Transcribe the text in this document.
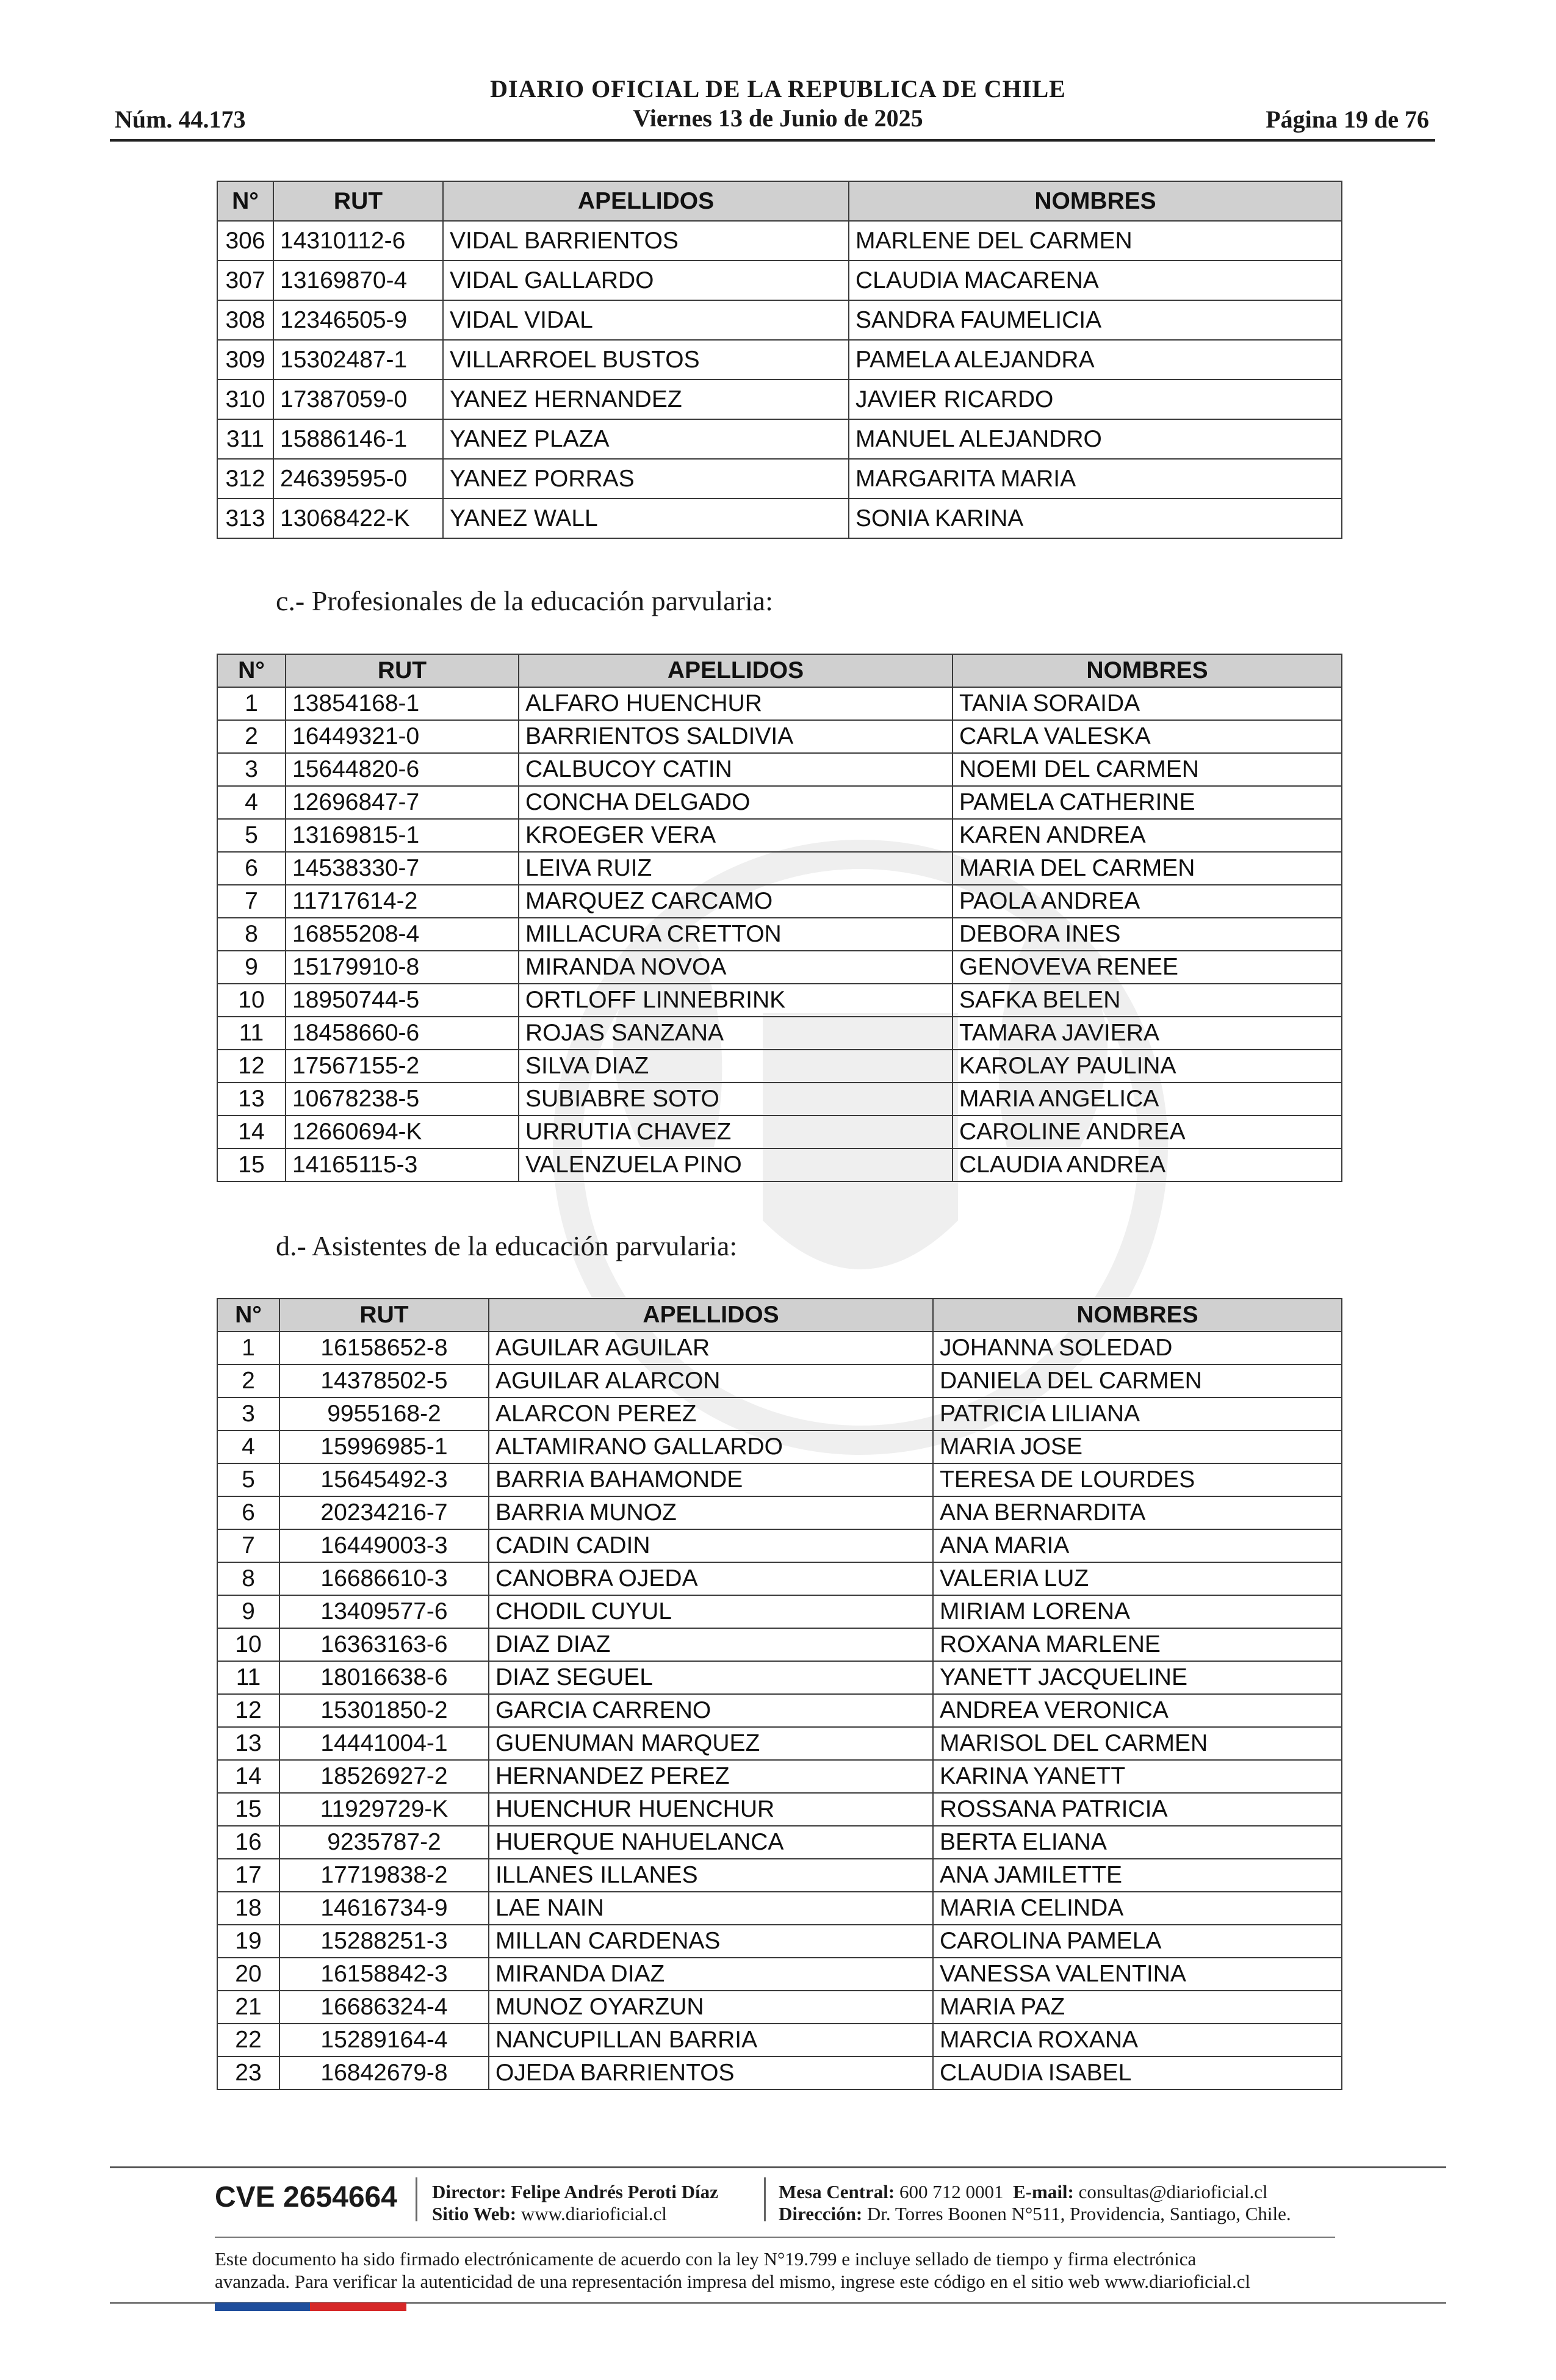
DIARIO OFICIAL DE LA REPUBLICA DE CHILE
Viernes 13 de Junio de 2025
Núm. 44.173	Página 19 de 76
N°	RUT	APELLIDOS	NOMBRES
306	14310112-6	VIDAL BARRIENTOS	MARLENE DEL CARMEN
307	13169870-4	VIDAL GALLARDO	CLAUDIA MACARENA
308	12346505-9	VIDAL VIDAL	SANDRA FAUMELICIA
309	15302487-1	VILLARROEL BUSTOS	PAMELA ALEJANDRA
310	17387059-0	YANEZ HERNANDEZ	JAVIER RICARDO
311	15886146-1	YANEZ PLAZA	MANUEL ALEJANDRO
312	24639595-0	YANEZ PORRAS	MARGARITA MARIA
313	13068422-K	YANEZ WALL	SONIA KARINA
c.- Profesionales de la educación parvularia:
N°	RUT	APELLIDOS	NOMBRES
1	13854168-1	ALFARO HUENCHUR	TANIA SORAIDA
2	16449321-0	BARRIENTOS SALDIVIA	CARLA VALESKA
3	15644820-6	CALBUCOY CATIN	NOEMI DEL CARMEN
4	12696847-7	CONCHA DELGADO	PAMELA CATHERINE
5	13169815-1	KROEGER VERA	KAREN ANDREA
6	14538330-7	LEIVA RUIZ	MARIA DEL CARMEN
7	11717614-2	MARQUEZ CARCAMO	PAOLA ANDREA
8	16855208-4	MILLACURA CRETTON	DEBORA INES
9	15179910-8	MIRANDA NOVOA	GENOVEVA RENEE
10	18950744-5	ORTLOFF LINNEBRINK	SAFKA BELEN
11	18458660-6	ROJAS SANZANA	TAMARA JAVIERA
12	17567155-2	SILVA DIAZ	KAROLAY PAULINA
13	10678238-5	SUBIABRE SOTO	MARIA ANGELICA
14	12660694-K	URRUTIA CHAVEZ	CAROLINE ANDREA
15	14165115-3	VALENZUELA PINO	CLAUDIA ANDREA
d.- Asistentes de la educación parvularia:
N°	RUT	APELLIDOS	NOMBRES
1	16158652-8	AGUILAR AGUILAR	JOHANNA SOLEDAD
2	14378502-5	AGUILAR ALARCON	DANIELA DEL CARMEN
3	9955168-2	ALARCON PEREZ	PATRICIA LILIANA
4	15996985-1	ALTAMIRANO GALLARDO	MARIA JOSE
5	15645492-3	BARRIA BAHAMONDE	TERESA DE LOURDES
6	20234216-7	BARRIA MUNOZ	ANA BERNARDITA
7	16449003-3	CADIN CADIN	ANA MARIA
8	16686610-3	CANOBRA OJEDA	VALERIA LUZ
9	13409577-6	CHODIL CUYUL	MIRIAM LORENA
10	16363163-6	DIAZ DIAZ	ROXANA MARLENE
11	18016638-6	DIAZ SEGUEL	YANETT JACQUELINE
12	15301850-2	GARCIA CARRENO	ANDREA VERONICA
13	14441004-1	GUENUMAN MARQUEZ	MARISOL DEL CARMEN
14	18526927-2	HERNANDEZ PEREZ	KARINA YANETT
15	11929729-K	HUENCHUR HUENCHUR	ROSSANA PATRICIA
16	9235787-2	HUERQUE NAHUELANCA	BERTA ELIANA
17	17719838-2	ILLANES ILLANES	ANA JAMILETTE
18	14616734-9	LAE NAIN	MARIA CELINDA
19	15288251-3	MILLAN CARDENAS	CAROLINA PAMELA
20	16158842-3	MIRANDA DIAZ	VANESSA VALENTINA
21	16686324-4	MUNOZ OYARZUN	MARIA PAZ
22	15289164-4	NANCUPILLAN BARRIA	MARCIA ROXANA
23	16842679-8	OJEDA BARRIENTOS	CLAUDIA ISABEL
CVE 2654664 Director: Felipe Andrés Peroti Díaz
Sitio Web: www.diarioficial.cl
Mesa Central: 600 712 0001 E-mail: consultas@diarioficial.cl
Dirección: Dr. Torres Boonen N°511, Providencia, Santiago, Chile.
Este documento ha sido firmado electrónicamente de acuerdo con la ley N°19.799 e incluye sellado de tiempo y firma electrónica
avanzada. Para verificar la autenticidad de una representación impresa del mismo, ingrese este código en el sitio web www.diarioficial.cl
